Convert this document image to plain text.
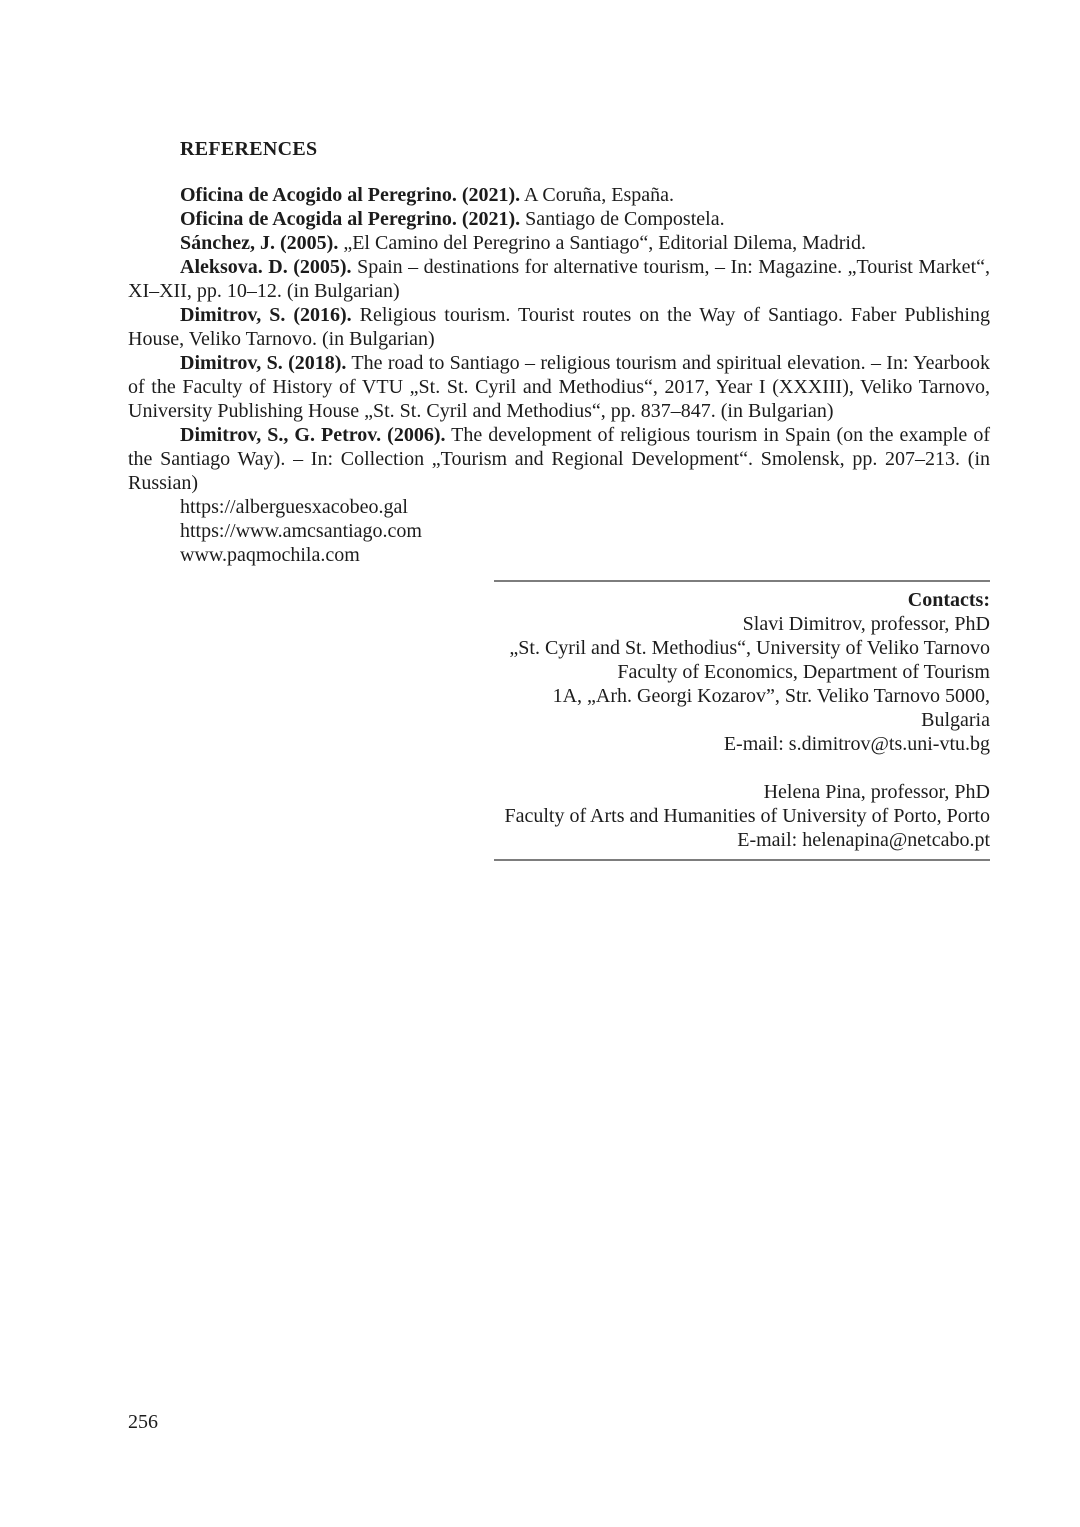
REFERENCES

Oficina de Acogido al Peregrino. (2021). A Coruña, España.

Oficina de Acogida al Peregrino. (2021). Santiago de Compostela.

Sánchez, J. (2005). „El Camino del Peregrino a Santiago“, Editorial Dilema, Madrid.

Aleksova. D. (2005). Spain – destinations for alternative tourism, – In: Magazine. „Tourist Market“, XI–XII, pp. 10–12. (in Bulgarian)

Dimitrov, S. (2016). Religious tourism. Tourist routes on the Way of Santiago. Faber Publishing House, Veliko Tarnovo. (in Bulgarian)

Dimitrov, S. (2018). The road to Santiago – religious tourism and spiritual elevation. – In: Yearbook of the Faculty of History of VTU „St. St. Cyril and Methodius“, 2017, Year I (XXXIII), Veliko Tarnovo, University Publishing House „St. St. Cyril and Methodius“, pp. 837–847. (in Bulgarian)

Dimitrov, S., G. Petrov. (2006). The development of religious tourism in Spain (on the example of the Santiago Way). – In: Collection „Tourism and Regional Development“. Smolensk, pp. 207–213. (in Russian)

https://alberguesxacobeo.gal

https://www.amcsantiago.com

www.paqmochila.com

Contacts:
Slavi Dimitrov, professor, PhD
„St. Cyril and St. Methodius“, University of Veliko Tarnovo
Faculty of Economics, Department of Tourism
1A, „Arh. Georgi Kozarov”, Str. Veliko Tarnovo 5000, Bulgaria
E-mail: s.dimitrov@ts.uni-vtu.bg
Helena Pina, professor, PhD
Faculty of Arts and Humanities of University of Porto, Porto
E-mail: helenapina@netcabo.pt
256
